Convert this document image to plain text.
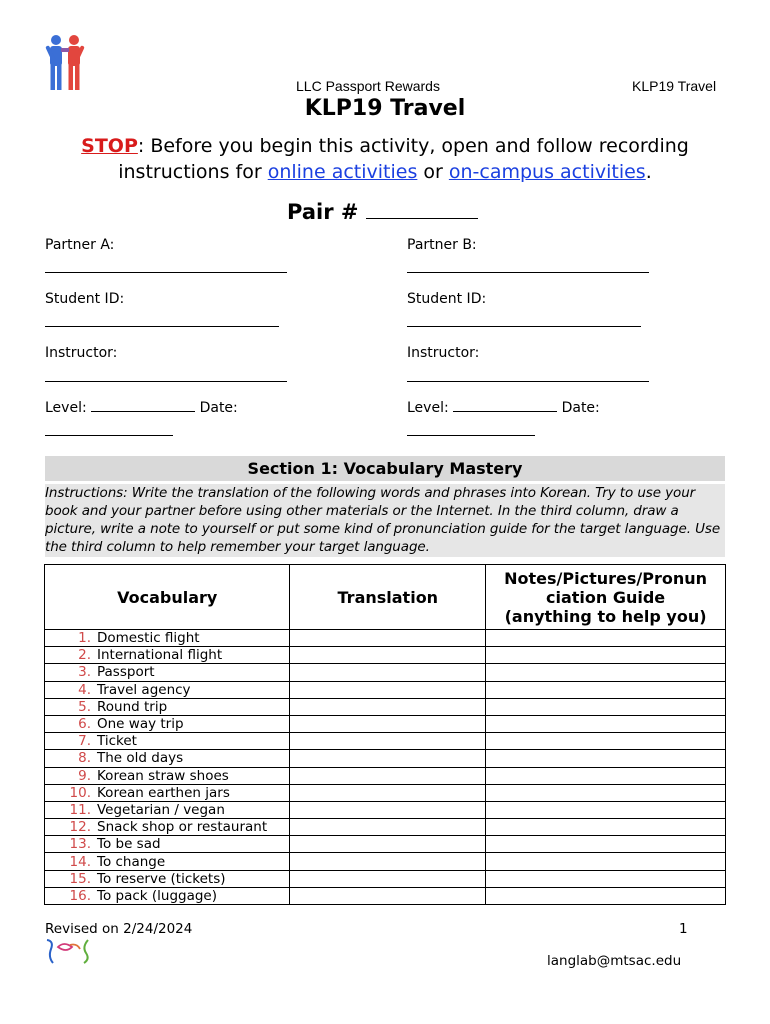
LLC Passport Rewards	KLP19 Travel
KLP19 Travel
STOP: Before you begin this activity, open and follow recording
instructions for online activities or on-campus activities.
Pair #
Partner A:
Student ID:
Instructor:
Level:	Date:
Partner B:
Student ID:
Instructor:
Level:	Date:
Section 1: Vocabulary Mastery
Instructions: Write the translation of the following words and phrases into Korean. Try to use your book and your partner before using other materials or the Internet. In the third column, draw a picture, write a note to yourself or put some kind of pronunciation guide for the target language. Use the third column to help remember your target language.
Vocabulary	Translation	Notes/Pictures/Pronun
ciation Guide
(anything to help you)

1. Domestic flight		
2. International flight		
3. Passport		
4. Travel agency		
5. Round trip		
6. One way trip		
7. Ticket		
8. The old days		
9. Korean straw shoes		
10. Korean earthen jars		
11. Vegetarian / vegan		
12. Snack shop or restaurant		
13. To be sad		
14. To change		
15. To reserve (tickets)		
16. To pack (luggage)		
Revised on 2/24/2024	1
langlab@mtsac.edu
